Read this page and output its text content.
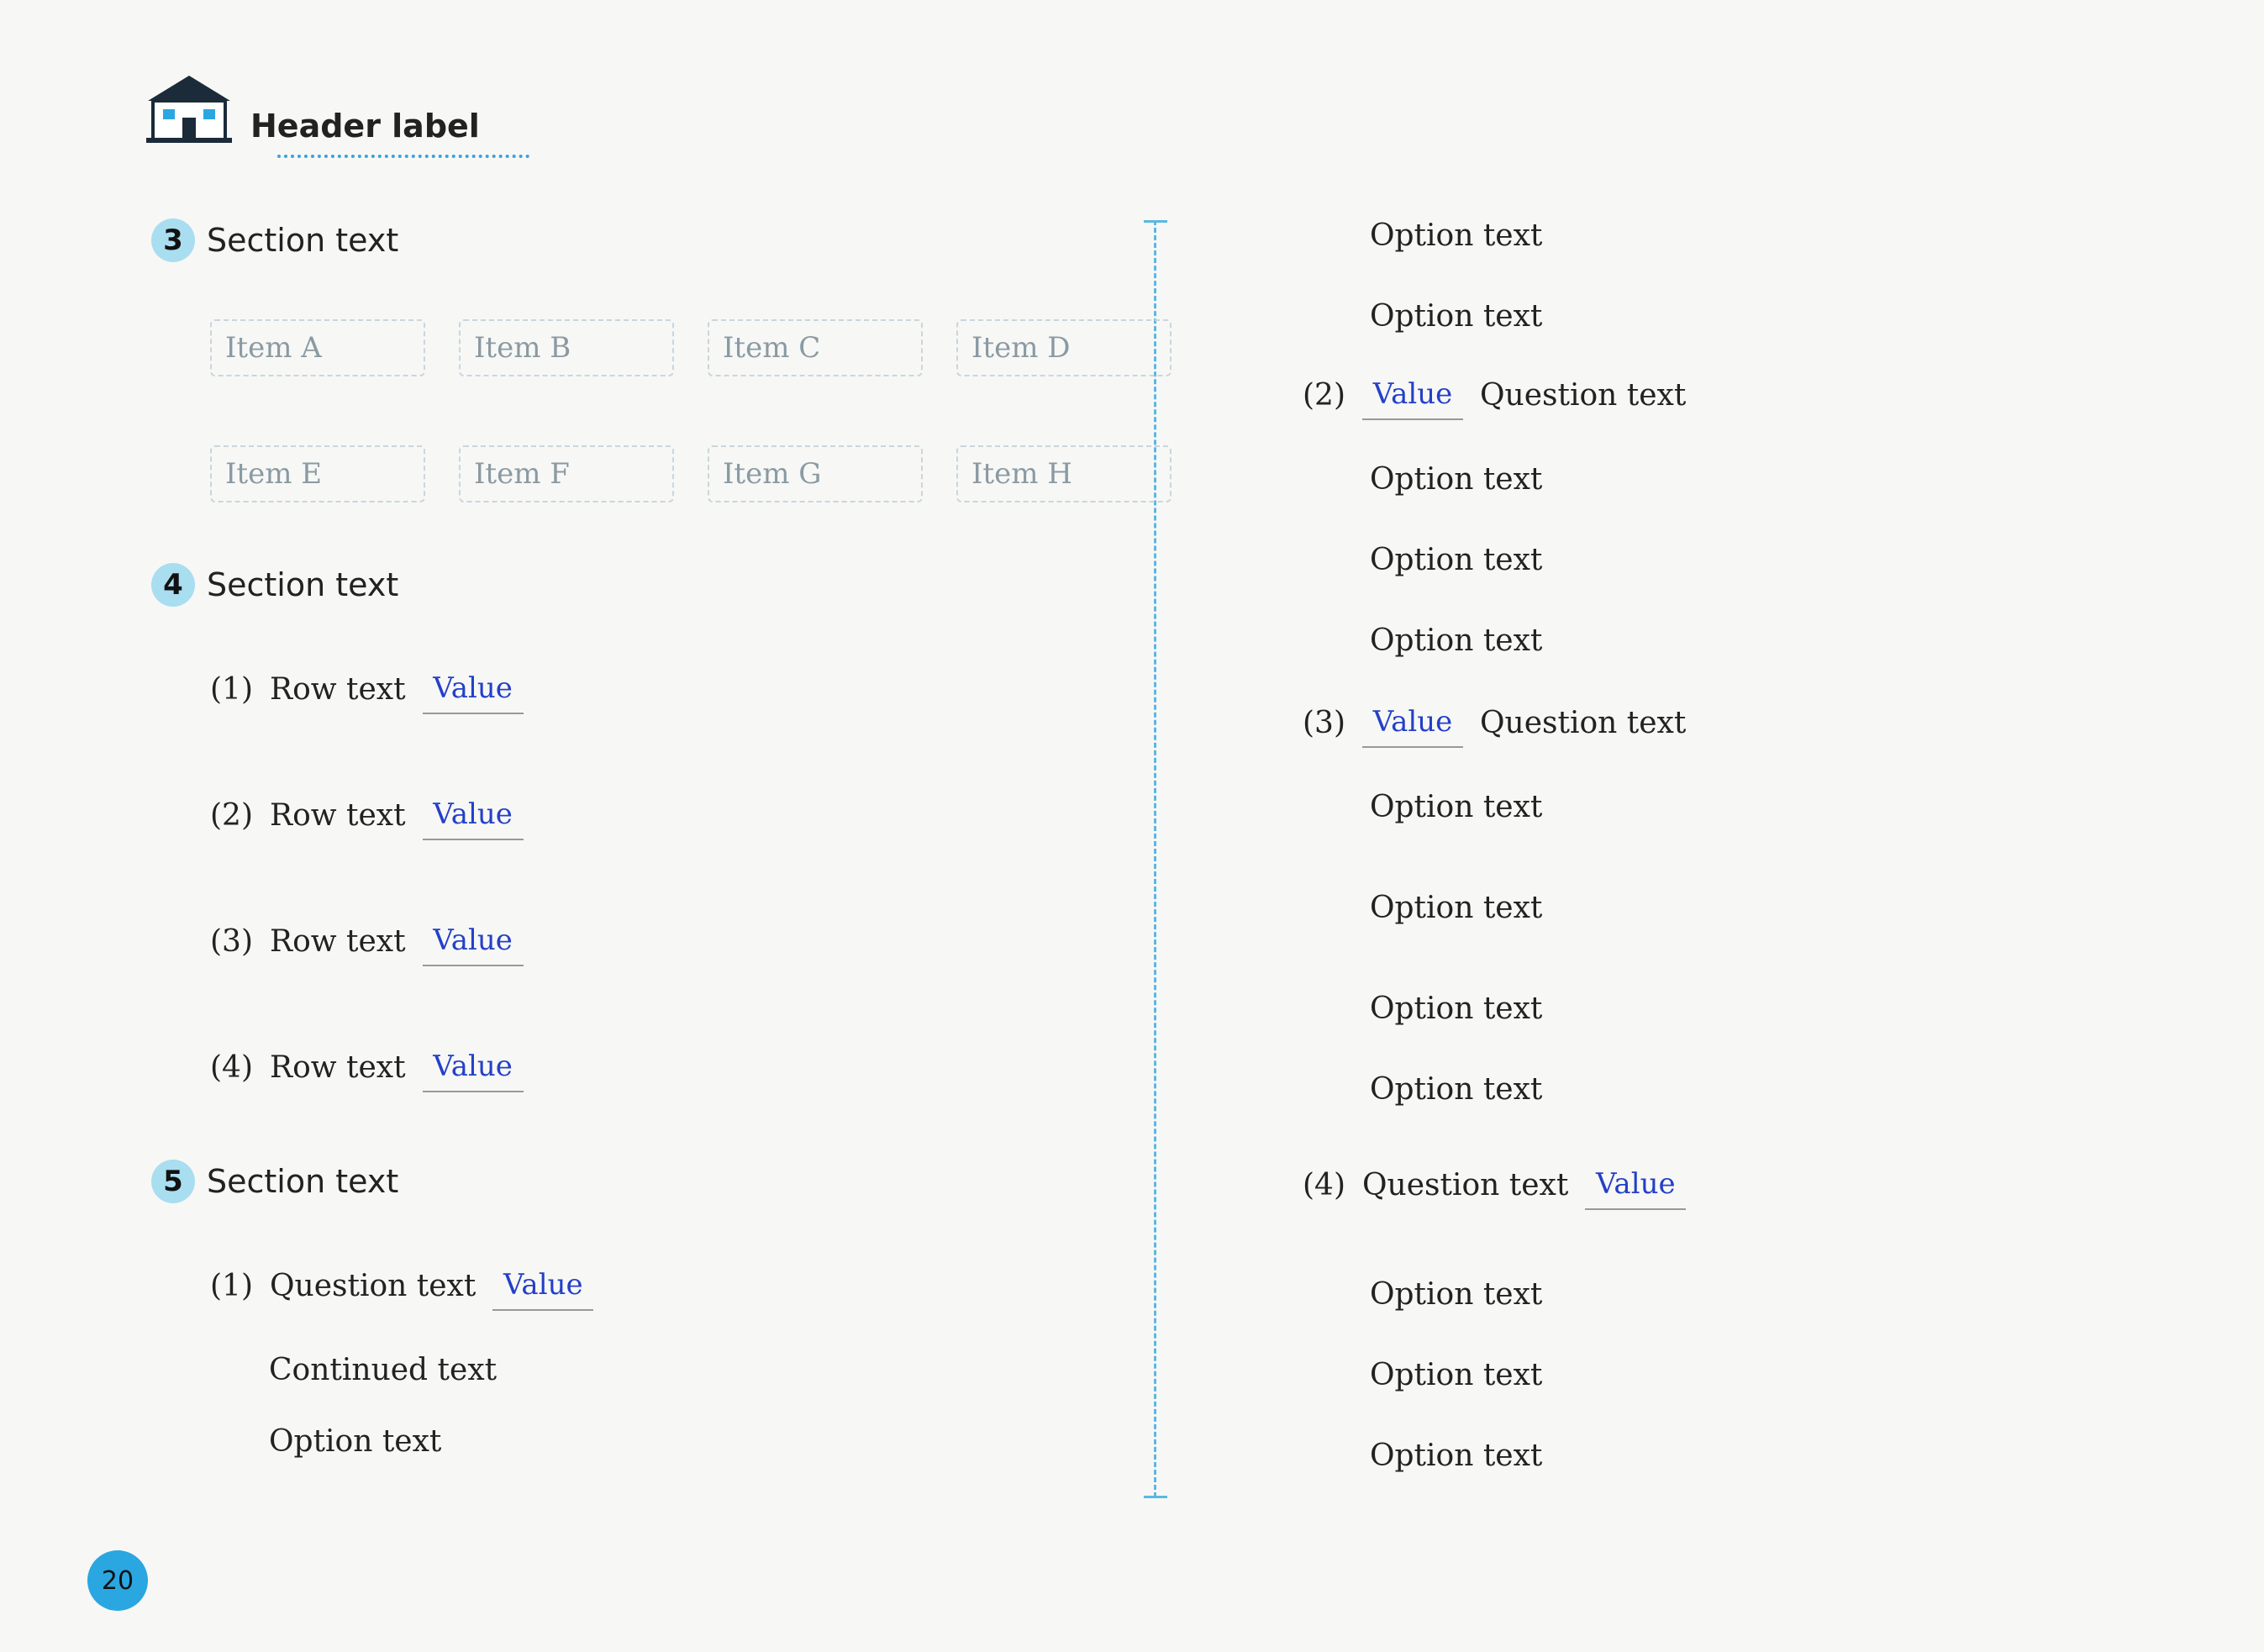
Header label
3 Section text
Item A	Item B	Item C	Item D
Item E	Item F	Item G	Item H
4 Section text
(1) Row text Value
(2) Row text Value
(3) Row text Value
(4) Row text Value
5 Section text
(1) Question text Value
Continued text
Option text
Option text
Option text
(2) Value Question text
Option text
Option text
Option text
(3) Value Question text
Option text
Option text
Option text
Option text
(4) Question text Value
Option text
Option text
Option text
20
